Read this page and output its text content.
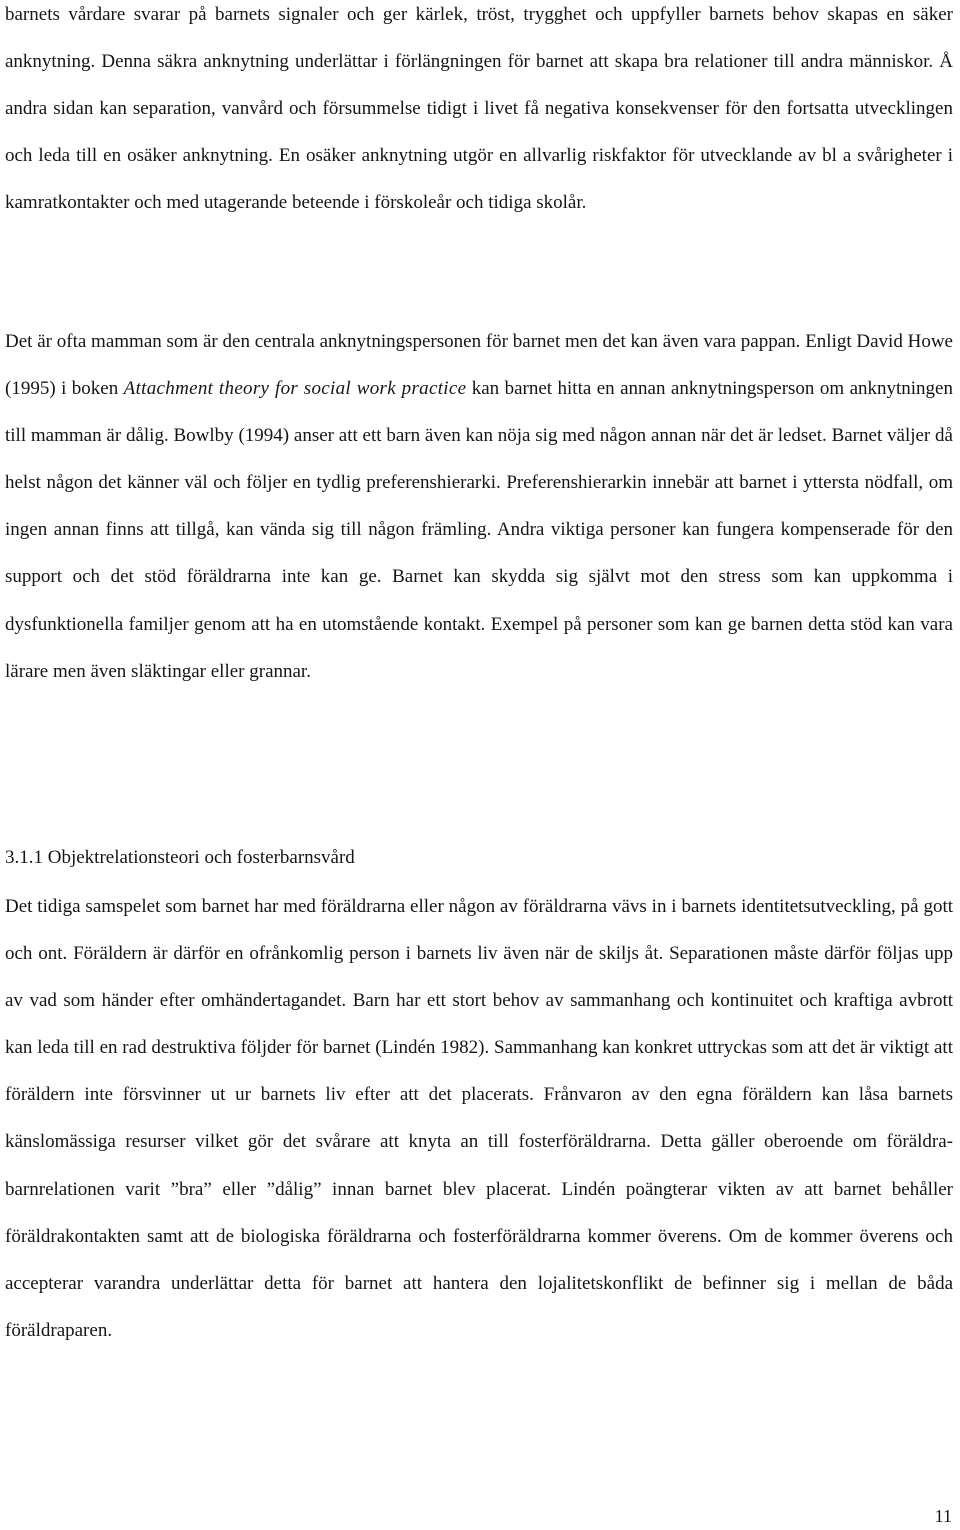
barnets vårdare svarar på barnets signaler och ger kärlek, tröst, trygghet och uppfyller barnets behov skapas en säker anknytning. Denna säkra anknytning underlättar i förlängningen för barnet att skapa bra relationer till andra människor. Å andra sidan kan separation, vanvård och försummelse tidigt i livet få negativa konsekvenser för den fortsatta utvecklingen och leda till en osäker anknytning. En osäker anknytning utgör en allvarlig riskfaktor för utvecklande av bl a svårigheter i kamratkontakter och med utagerande beteende i förskoleår och tidiga skolår.

Det är ofta mamman som är den centrala anknytningspersonen för barnet men det kan även vara pappan. Enligt David Howe (1995) i boken Attachment theory for social work practice kan barnet hitta en annan anknytningsperson om anknytningen till mamman är dålig. Bowlby (1994) anser att ett barn även kan nöja sig med någon annan när det är ledset. Barnet väljer då helst någon det känner väl och följer en tydlig preferenshierarki. Preferenshierarkin innebär att barnet i yttersta nödfall, om ingen annan finns att tillgå, kan vända sig till någon främling. Andra viktiga personer kan fungera kompenserade för den support och det stöd föräldrarna inte kan ge. Barnet kan skydda sig självt mot den stress som kan uppkomma i dysfunktionella familjer genom att ha en utomstående kontakt. Exempel på personer som kan ge barnen detta stöd kan vara lärare men även släktingar eller grannar.

3.1.1 Objektrelationsteori och fosterbarnsvård

Det tidiga samspelet som barnet har med föräldrarna eller någon av föräldrarna vävs in i barnets identitetsutveckling, på gott och ont. Föräldern är därför en ofrånkomlig person i barnets liv även när de skiljs åt. Separationen måste därför följas upp av vad som händer efter omhändertagandet. Barn har ett stort behov av sammanhang och kontinuitet och kraftiga avbrott kan leda till en rad destruktiva följder för barnet (Lindén 1982). Sammanhang kan konkret uttryckas som att det är viktigt att föräldern inte försvinner ut ur barnets liv efter att det placerats. Frånvaron av den egna föräldern kan låsa barnets känslomässiga resurser vilket gör det svårare att knyta an till fosterföräldrarna. Detta gäller oberoende om föräldra-barnrelationen varit ”bra” eller ”dålig” innan barnet blev placerat. Lindén poängterar vikten av att barnet behåller föräldrakontakten samt att de biologiska föräldrarna och fosterföräldrarna kommer överens. Om de kommer överens och accepterar varandra underlättar detta för barnet att hantera den lojalitetskonflikt de befinner sig i mellan de båda föräldraparen.

11
